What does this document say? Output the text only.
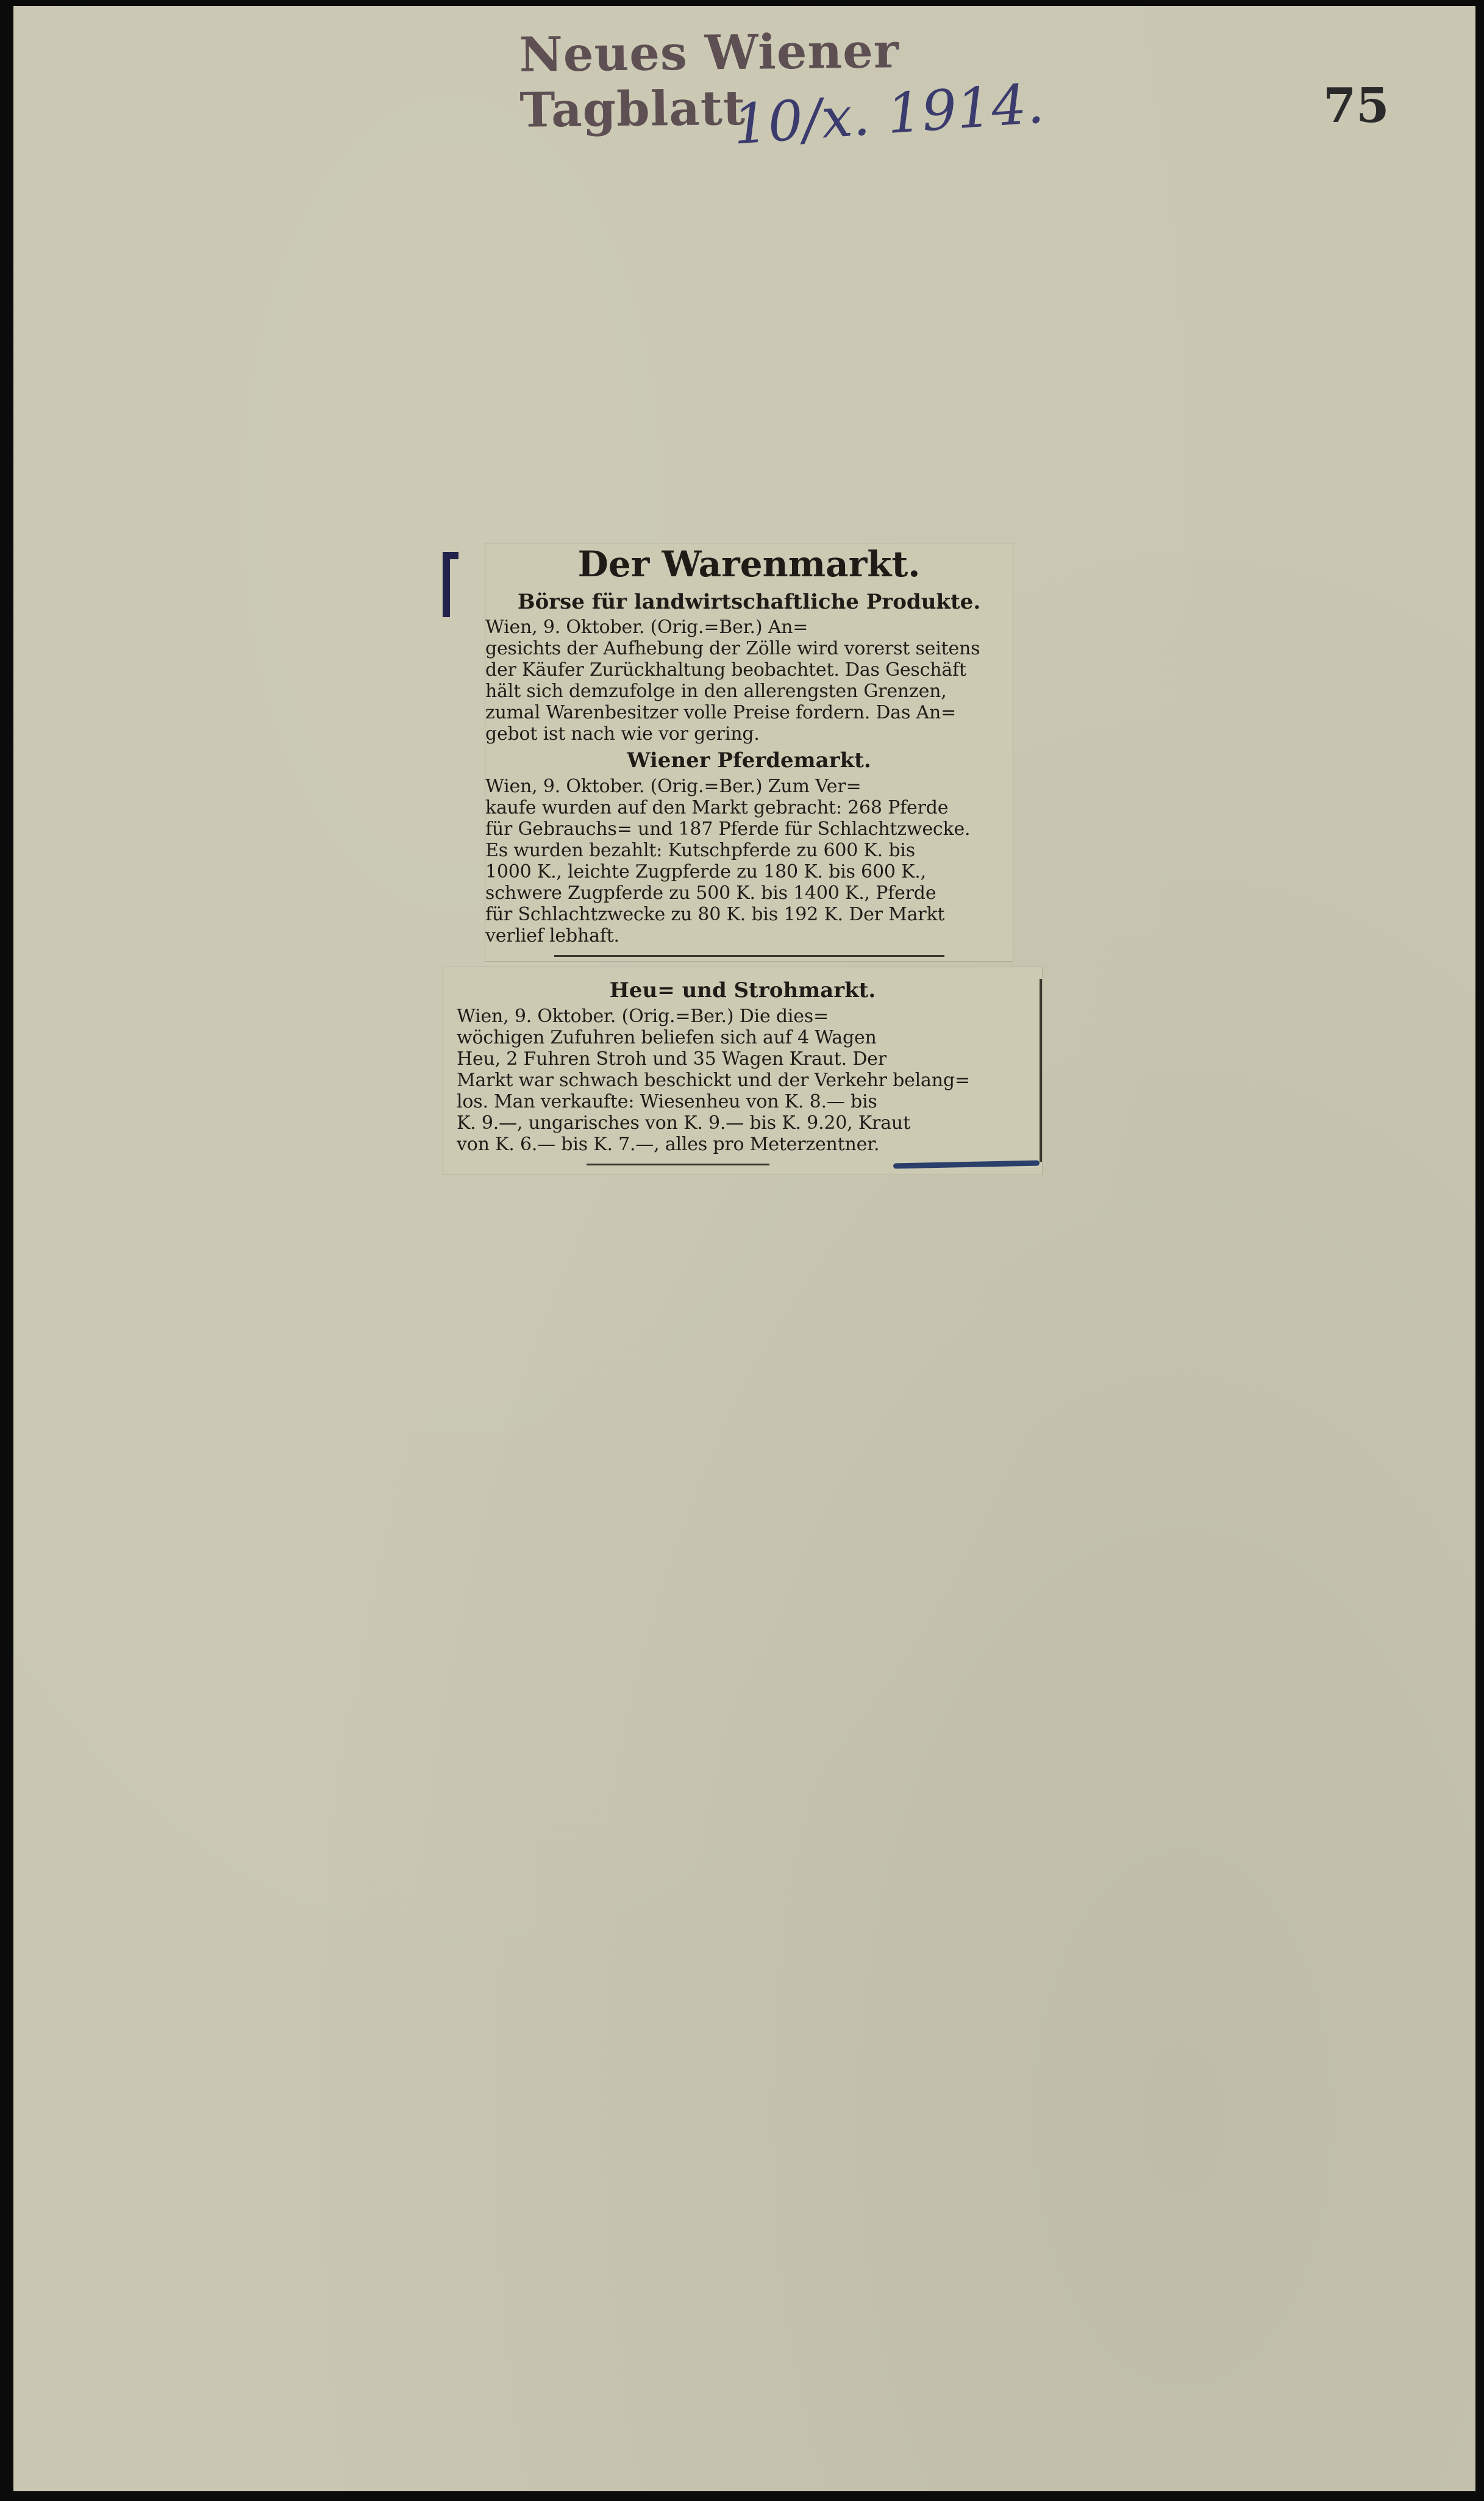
Neues Wiener Tagblatt
10/x. 1914.	75
Der Warenmarkt.
Börse für landwirtschaftliche Produkte.

Wien, 9. Oktober. (Orig.=Ber.) An=
gesichts der Aufhebung der Zölle wird vorerst seitens
der Käufer Zurückhaltung beobachtet. Das Geschäft
hält sich demzufolge in den allerengsten Grenzen,
zumal Warenbesitzer volle Preise fordern. Das An=
gebot ist nach wie vor gering.

Wiener Pferdemarkt.

Wien, 9. Oktober. (Orig.=Ber.) Zum Ver=
kaufe wurden auf den Markt gebracht: 268 Pferde
für Gebrauchs= und 187 Pferde für Schlachtzwecke.
Es wurden bezahlt: Kutschpferde zu 600 K. bis
1000 K., leichte Zugpferde zu 180 K. bis 600 K.,
schwere Zugpferde zu 500 K. bis 1400 K., Pferde
für Schlachtzwecke zu 80 K. bis 192 K. Der Markt
verlief lebhaft.

Heu= und Strohmarkt.

Wien, 9. Oktober. (Orig.=Ber.) Die dies=
wöchigen Zufuhren beliefen sich auf 4 Wagen
Heu, 2 Fuhren Stroh und 35 Wagen Kraut. Der
Markt war schwach beschickt und der Verkehr belang=
los. Man verkaufte: Wiesenheu von K. 8.— bis
K. 9.—, ungarisches von K. 9.— bis K. 9.20, Kraut
von K. 6.— bis K. 7.—, alles pro Meterzentner.
